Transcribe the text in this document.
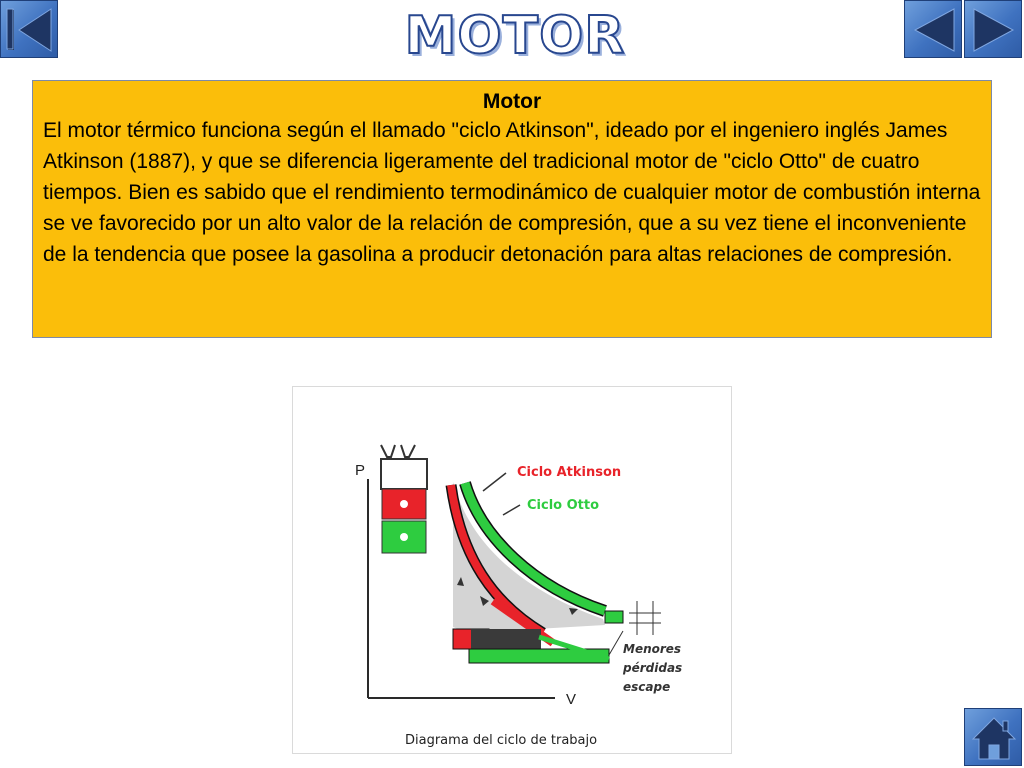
MOTOR
Motor
El motor térmico funciona según el llamado "ciclo Atkinson", ideado por el ingeniero inglés James Atkinson (1887), y que se diferencia ligeramente del tradicional motor de "ciclo Otto" de cuatro tiempos. Bien es sabido que el rendimiento termodinámico de cualquier motor de combustión interna se ve favorecido por un alto valor de la relación de compresión, que a su vez tiene el inconveniente de la tendencia que posee la gasolina a producir detonación para altas relaciones de compresión.
P
V
Ciclo Atkinson
Ciclo Otto
Menores
pérdidas
escape
Diagrama del ciclo de trabajo
